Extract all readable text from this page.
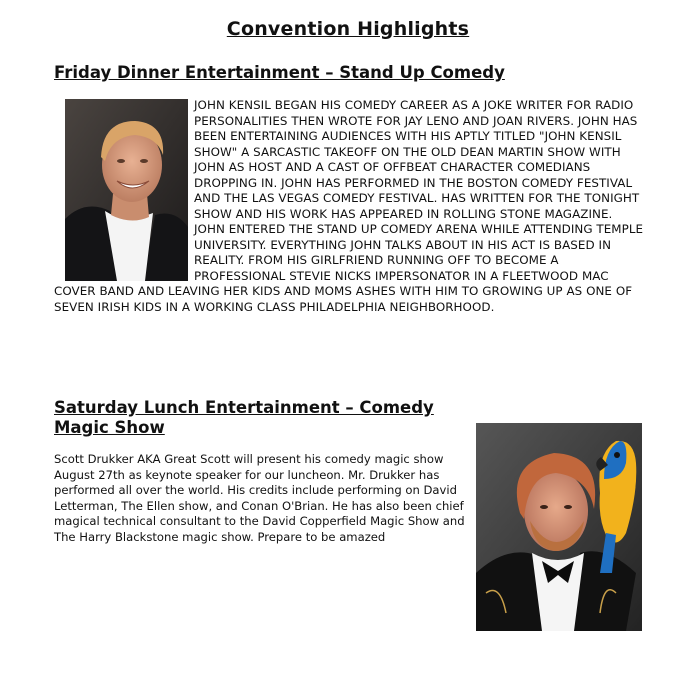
Convention Highlights
Friday Dinner Entertainment – Stand Up Comedy
JOHN KENSIL BEGAN HIS COMEDY CAREER AS A JOKE WRITER FOR RADIO PERSONALITIES THEN WROTE FOR JAY LENO AND JOAN RIVERS. JOHN HAS BEEN ENTERTAINING AUDIENCES WITH HIS APTLY TITLED "JOHN KENSIL SHOW" A SARCASTIC TAKEOFF ON THE OLD DEAN MARTIN SHOW WITH JOHN AS HOST AND A CAST OF OFFBEAT CHARACTER COMEDIANS DROPPING IN. JOHN HAS PERFORMED IN THE BOSTON COMEDY FESTIVAL AND THE LAS VEGAS COMEDY FESTIVAL. HAS WRITTEN FOR THE TONIGHT SHOW AND HIS WORK HAS APPEARED IN ROLLING STONE MAGAZINE. JOHN ENTERED THE STAND UP COMEDY ARENA WHILE ATTENDING TEMPLE UNIVERSITY. EVERYTHING JOHN TALKS ABOUT IN HIS ACT IS BASED IN REALITY. FROM HIS GIRLFRIEND RUNNING OFF TO BECOME A PROFESSIONAL STEVIE NICKS IMPERSONATOR IN A FLEETWOOD MAC COVER BAND AND LEAVING HER KIDS AND MOMS ASHES WITH HIM TO GROWING UP AS ONE OF SEVEN IRISH KIDS IN A WORKING CLASS PHILADELPHIA NEIGHBORHOOD.
Saturday Lunch Entertainment – Comedy Magic Show
Scott Drukker AKA Great Scott will present his comedy magic show August 27th as keynote speaker for our luncheon. Mr. Drukker has performed all over the world. His credits include performing on David Letterman, The Ellen show, and Conan O'Brian. He has also been chief magical technical consultant to the David Copperfield Magic Show and The Harry Blackstone magic show. Prepare to be amazed
